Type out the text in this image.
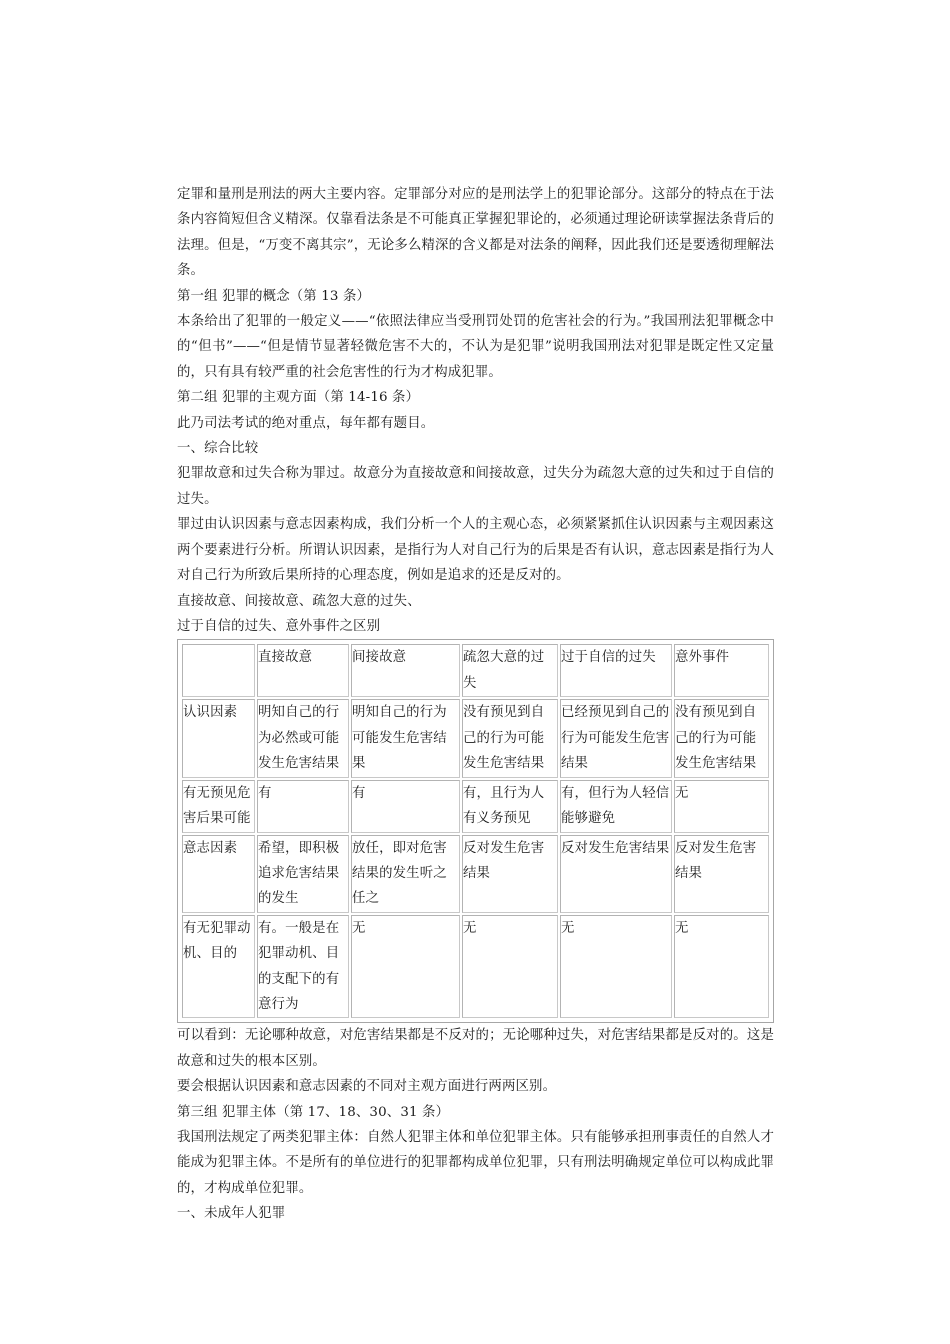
定罪和量刑是刑法的两大主要内容。定罪部分对应的是刑法学上的犯罪论部分。这部分的特点在于法条内容简短但含义精深。仅靠看法条是不可能真正掌握犯罪论的，必须通过理论研读掌握法条背后的法理。但是，“万变不离其宗”，无论多么精深的含义都是对法条的阐释，因此我们还是要透彻理解法条。

第一组 犯罪的概念（第 13 条）

本条给出了犯罪的一般定义——“依照法律应当受刑罚处罚的危害社会的行为。”我国刑法犯罪概念中的“但书”——“但是情节显著轻微危害不大的，不认为是犯罪”说明我国刑法对犯罪是既定性又定量的，只有具有较严重的社会危害性的行为才构成犯罪。

第二组 犯罪的主观方面（第 14-16 条）

此乃司法考试的绝对重点，每年都有题目。

一、综合比较

犯罪故意和过失合称为罪过。故意分为直接故意和间接故意，过失分为疏忽大意的过失和过于自信的过失。

罪过由认识因素与意志因素构成，我们分析一个人的主观心态，必须紧紧抓住认识因素与主观因素这两个要素进行分析。所谓认识因素，是指行为人对自己行为的后果是否有认识，意志因素是指行为人对自己行为所致后果所持的心理态度，例如是追求的还是反对的。

直接故意、间接故意、疏忽大意的过失、

过于自信的过失、意外事件之区别

	直接故意	间接故意	疏忽大意的过失	过于自信的过失	意外事件
认识因素	明知自己的行为必然或可能发生危害结果	明知自己的行为可能发生危害结果	没有预见到自己的行为可能发生危害结果	已经预见到自己的行为可能发生危害结果	没有预见到自己的行为可能发生危害结果
有无预见危害后果可能	有	有	有，且行为人有义务预见	有，但行为人轻信能够避免	无
意志因素	希望，即积极追求危害结果的发生	放任，即对危害结果的发生听之任之	反对发生危害结果	反对发生危害结果	反对发生危害结果
有无犯罪动机、目的	有。一般是在犯罪动机、目的支配下的有意行为	无	无	无	无

可以看到：无论哪种故意，对危害结果都是不反对的；无论哪种过失，对危害结果都是反对的。这是故意和过失的根本区别。

要会根据认识因素和意志因素的不同对主观方面进行两两区别。

第三组 犯罪主体（第 17、18、30、31 条）

我国刑法规定了两类犯罪主体：自然人犯罪主体和单位犯罪主体。只有能够承担刑事责任的自然人才能成为犯罪主体。不是所有的单位进行的犯罪都构成单位犯罪，只有刑法明确规定单位可以构成此罪的，才构成单位犯罪。

一、未成年人犯罪
